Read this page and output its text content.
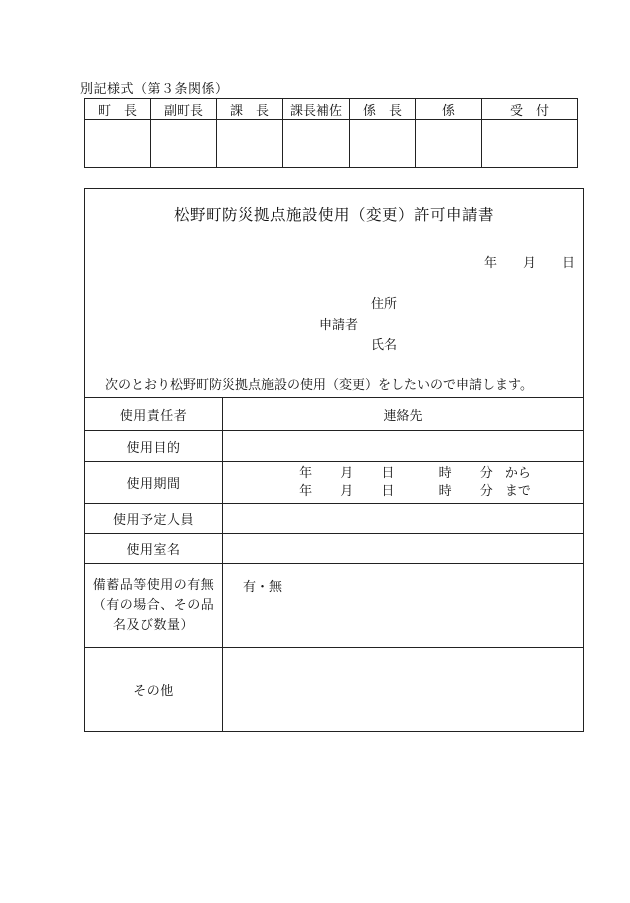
別記様式（第３条関係）
町　長	副町長	課　長	課長補佐	係　長	係	受　付

松野町防災拠点施設使用（変更）許可申請書
年 月 日
住所
申請者
氏名
次のとおり松野町防災拠点施設の使用（変更）をしたいので申請します。
使用責任者	連絡先
使用目的	
使用期間	年 月 日 時 分 から
年 月 日 時 分 まで

使用予定人員	
使用室名	

備蓄品等使用の有無
（有の場合、その品
名及び数量）	有・無
その他	
